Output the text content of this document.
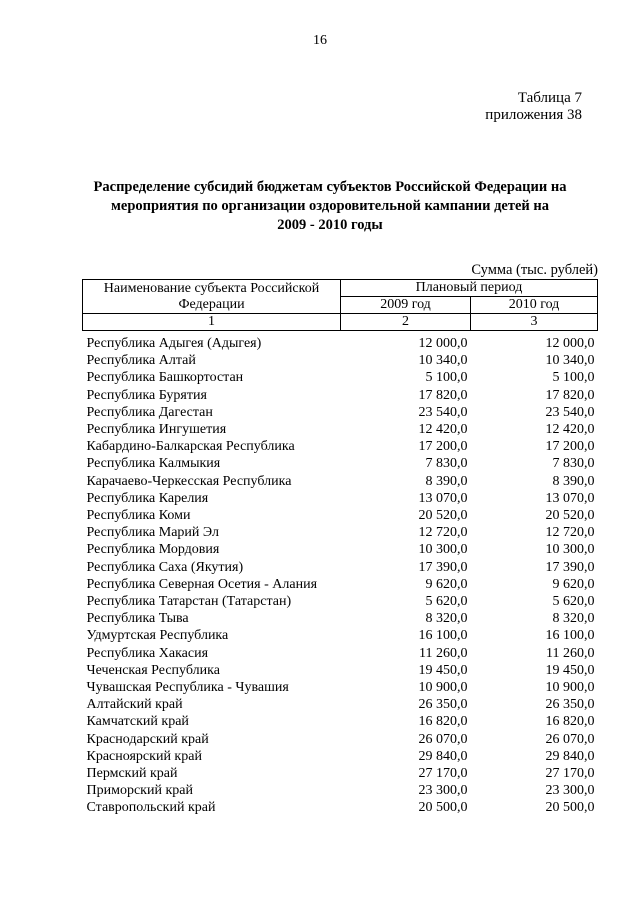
16
Таблица 7
приложения 38
Распределение субсидий бюджетам субъектов Российской Федерации на
мероприятия по организации оздоровительной кампании детей на
2009 - 2010 годы
Сумма (тыс. рублей)
Наименование субъекта Российской Федерации	Плановый период	
	2009 год	2010 год
1	2	3
Республика Адыгея (Адыгея)	12 000,0	12 000,0
Республика Алтай	10 340,0	10 340,0
Республика Башкортостан	5 100,0	5 100,0
Республика Бурятия	17 820,0	17 820,0
Республика Дагестан	23 540,0	23 540,0
Республика Ингушетия	12 420,0	12 420,0
Кабардино-Балкарская Республика	17 200,0	17 200,0
Республика Калмыкия	7 830,0	7 830,0
Карачаево-Черкесская Республика	8 390,0	8 390,0
Республика Карелия	13 070,0	13 070,0
Республика Коми	20 520,0	20 520,0
Республика Марий Эл	12 720,0	12 720,0
Республика Мордовия	10 300,0	10 300,0
Республика Саха (Якутия)	17 390,0	17 390,0
Республика Северная Осетия - Алания	9 620,0	9 620,0
Республика Татарстан (Татарстан)	5 620,0	5 620,0
Республика Тыва	8 320,0	8 320,0
Удмуртская Республика	16 100,0	16 100,0
Республика Хакасия	11 260,0	11 260,0
Чеченская Республика	19 450,0	19 450,0
Чувашская Республика - Чувашия	10 900,0	10 900,0
Алтайский край	26 350,0	26 350,0
Камчатский край	16 820,0	16 820,0
Краснодарский край	26 070,0	26 070,0
Красноярский край	29 840,0	29 840,0
Пермский край	27 170,0	27 170,0
Приморский край	23 300,0	23 300,0
Ставропольский край	20 500,0	20 500,0
